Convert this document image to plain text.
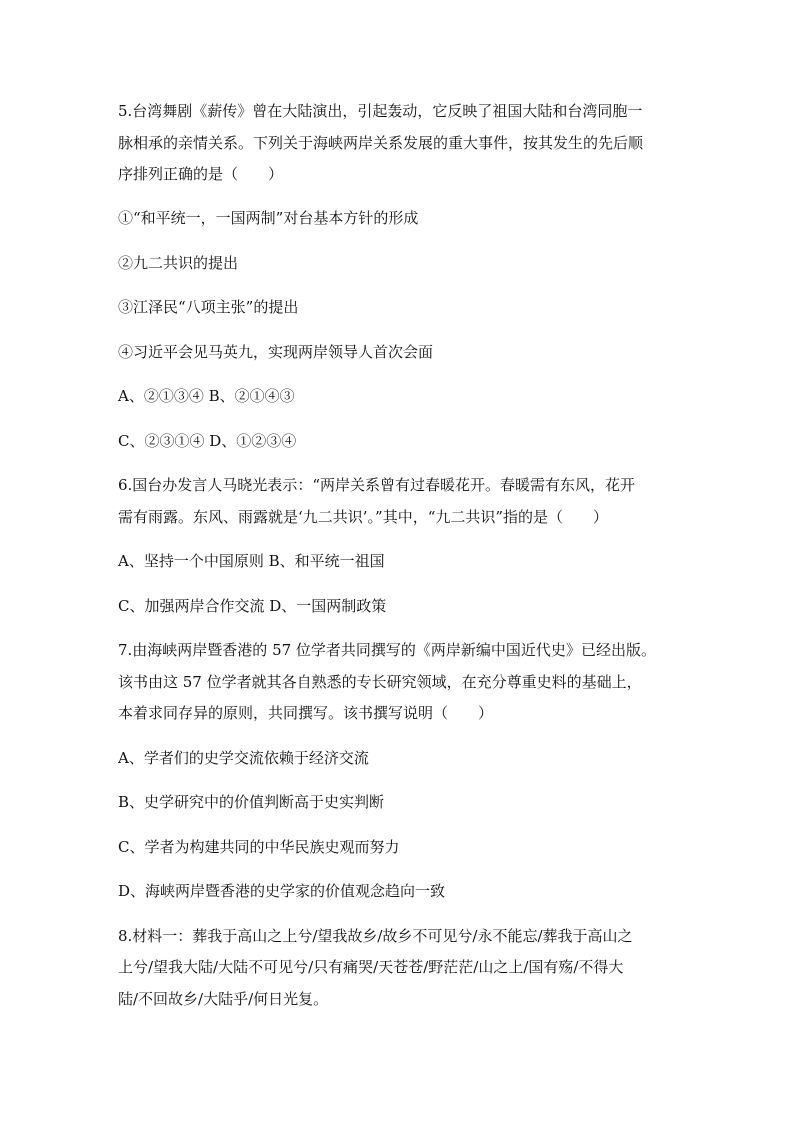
5.台湾舞剧《薪传》曾在大陆演出，引起轰动，它反映了祖国大陆和台湾同胞一
脉相承的亲情关系。下列关于海峡两岸关系发展的重大事件，按其发生的先后顺
序排列正确的是（　　）
①“和平统一，一国两制”对台基本方针的形成
②九二共识的提出
③江泽民“八项主张”的提出
④习近平会见马英九，实现两岸领导人首次会面
A、②①③④ B、②①④③
C、②③①④ D、①②③④
6.国台办发言人马晓光表示：“两岸关系曾有过春暖花开。春暖需有东风，花开
需有雨露。东风、雨露就是‘九二共识’。”其中，“九二共识”指的是（　　）
A、坚持一个中国原则 B、和平统一祖国
C、加强两岸合作交流 D、一国两制政策
7.由海峡两岸暨香港的 57 位学者共同撰写的《两岸新编中国近代史》已经出版。
该书由这 57 位学者就其各自熟悉的专长研究领域，在充分尊重史料的基础上，
本着求同存异的原则，共同撰写。该书撰写说明（　　）
A、学者们的史学交流依赖于经济交流
B、史学研究中的价值判断高于史实判断
C、学者为构建共同的中华民族史观而努力
D、海峡两岸暨香港的史学家的价值观念趋向一致
8.材料一：葬我于高山之上兮/望我故乡/故乡不可见兮/永不能忘/葬我于高山之
上兮/望我大陆/大陆不可见兮/只有痛哭/天苍苍/野茫茫/山之上/国有殇/不得大
陆/不回故乡/大陆乎/何日光复。
